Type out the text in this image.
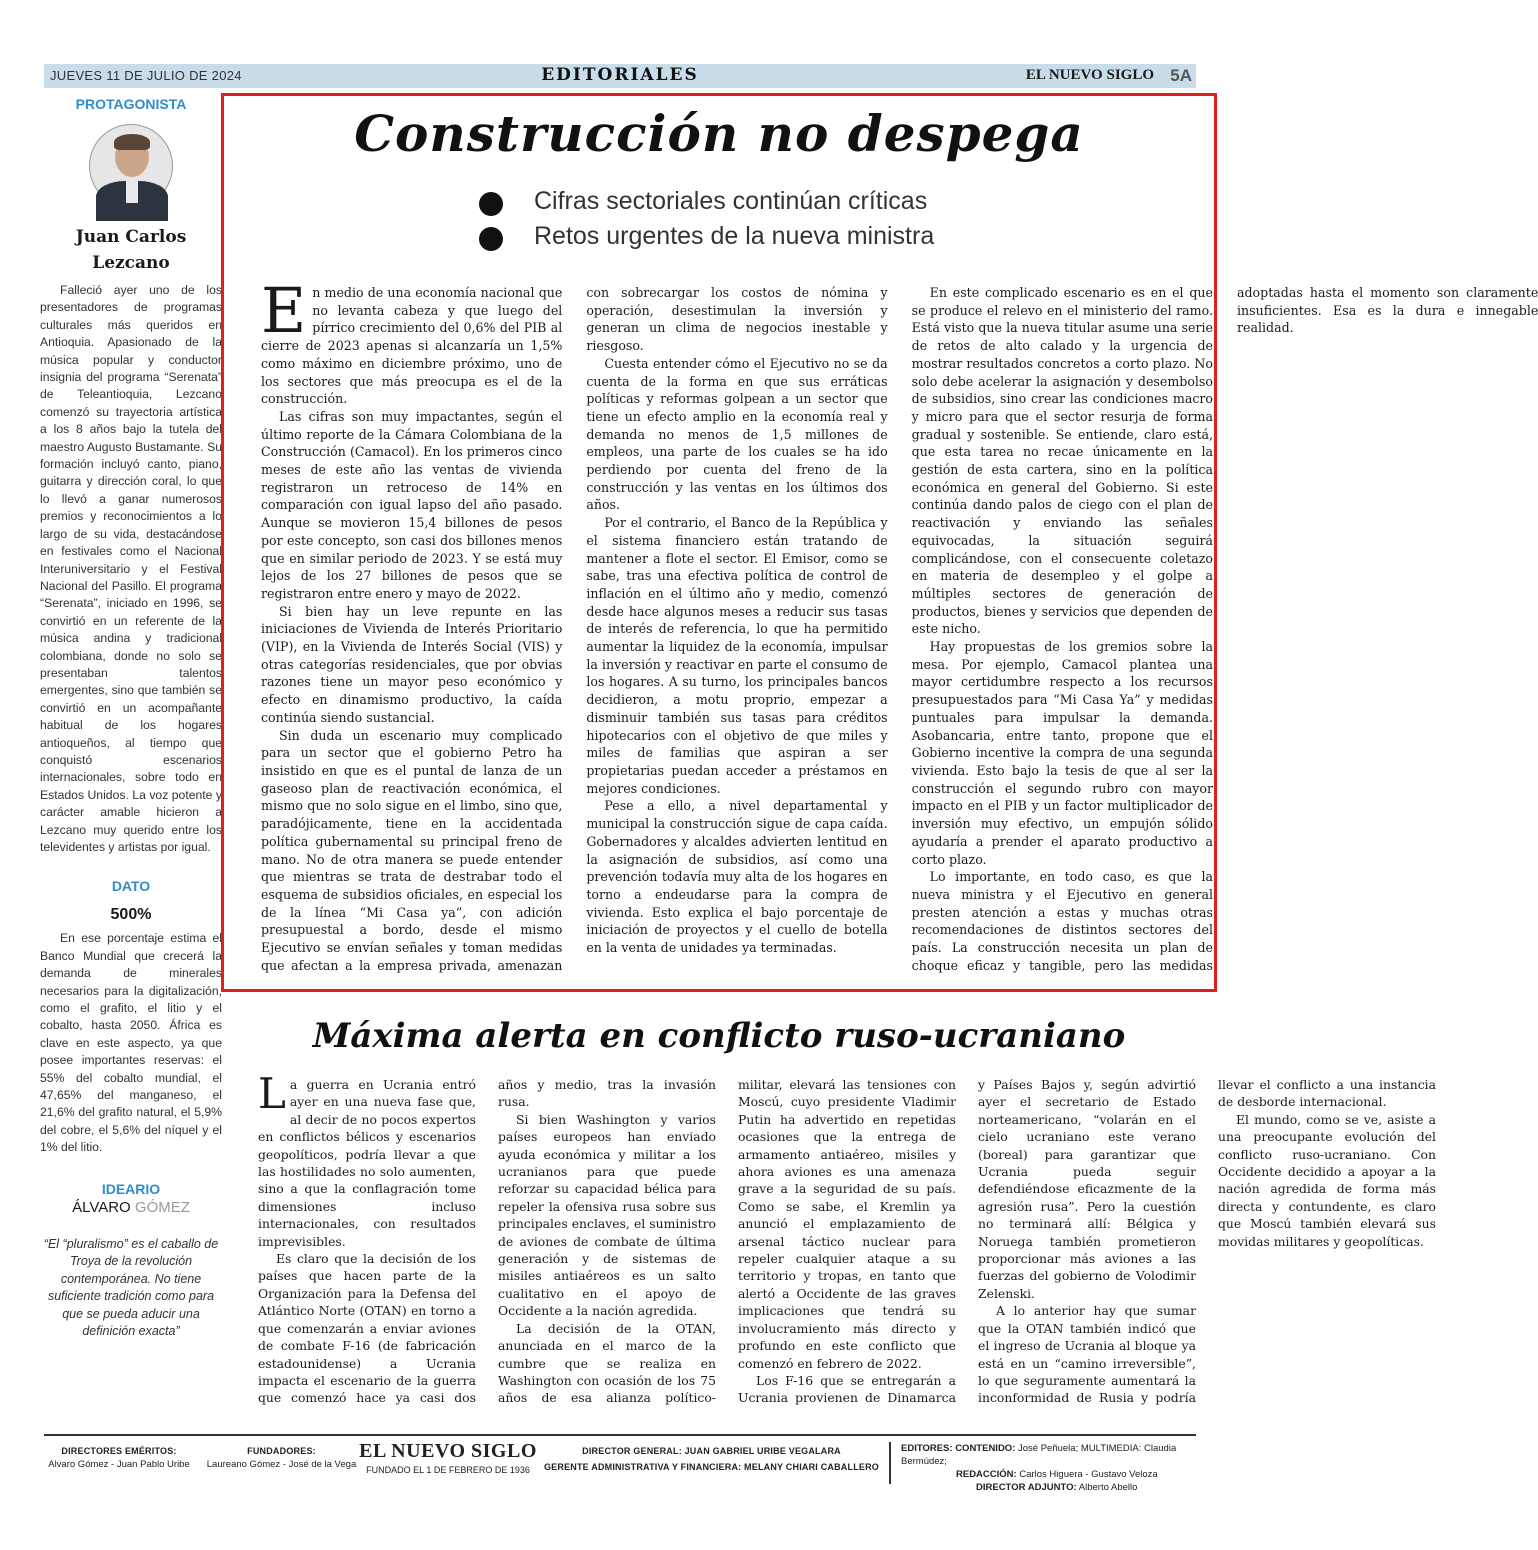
JUEVES 11 DE JULIO DE 2024	EDITORIALES	EL NUEVO SIGLO 5A
PROTAGONISTA
Juan Carlos
Lezcano

Falleció ayer uno de los presentadores de programas culturales más queridos en Antioquia. Apasionado de la música popular y conductor insignia del programa “Serenata” de Teleantioquia, Lezcano comenzó su trayectoria artística a los 8 años bajo la tutela del maestro Augusto Bustamante. Su formación incluyó canto, piano, guitarra y dirección coral, lo que lo llevó a ganar numerosos premios y reconocimientos a lo largo de su vida, destacándose en festivales como el Nacional Interuniversitario y el Festival Nacional del Pasillo. El programa “Serenata”, iniciado en 1996, se convirtió en un referente de la música andina y tradicional colombiana, donde no solo se presentaban talentos emergentes, sino que también se convirtió en un acompañante habitual de los hogares antioqueños, al tiempo que conquistó escenarios internacionales, sobre todo en Estados Unidos. La voz potente y carácter amable hicieron a Lezcano muy querido entre los televidentes y artistas por igual.

DATO
500%

En ese porcentaje estima el Banco Mundial que crecerá la demanda de minerales necesarios para la digitalización, como el grafito, el litio y el cobalto, hasta 2050. África es clave en este aspecto, ya que posee importantes reservas: el 55% del cobalto mundial, el 47,65% del manganeso, el 21,6% del grafito natural, el 5,9% del cobre, el 5,6% del níquel y el 1% del litio.

IDEARIO
ÁLVARO GÓMEZ
“El “pluralismo” es el caballo de Troya de la revolución contemporánea. No tiene suficiente tradición como para que se pueda aducir una definición exacta”
Construcción no despega
Cifras sectoriales continúan críticas
Retos urgentes de la nueva ministra

En medio de una economía nacional que no levanta cabeza y que luego del pírrico crecimiento del 0,6% del PIB al cierre de 2023 apenas si alcanzaría un 1,5% como máximo en diciembre próximo, uno de los sectores que más preocupa es el de la construcción.

Las cifras son muy impactantes, según el último reporte de la Cámara Colombiana de la Construcción (Camacol). En los primeros cinco meses de este año las ventas de vivienda registraron un retroceso de 14% en comparación con igual lapso del año pasado. Aunque se movieron 15,4 billones de pesos por este concepto, son casi dos billones menos que en similar periodo de 2023. Y se está muy lejos de los 27 billones de pesos que se registraron entre enero y mayo de 2022.

Si bien hay un leve repunte en las iniciaciones de Vivienda de Interés Prioritario (VIP), en la Vivienda de Interés Social (VIS) y otras categorías residenciales, que por obvias razones tiene un mayor peso económico y efecto en dinamismo productivo, la caída continúa siendo sustancial.

Sin duda un escenario muy complicado para un sector que el gobierno Petro ha insistido en que es el puntal de lanza de un gaseoso plan de reactivación económica, el mismo que no solo sigue en el limbo, sino que, paradójicamente, tiene en la accidentada política gubernamental su principal freno de mano. No de otra manera se puede entender que mientras se trata de destrabar todo el esquema de subsidios oficiales, en especial los de la línea “Mi Casa ya”, con adición presupuestal a bordo, desde el mismo Ejecutivo se envían señales y toman medidas que afectan a la empresa privada, amenazan con sobrecargar los costos de nómina y operación, desestimulan la inversión y generan un clima de negocios inestable y riesgoso.

Cuesta entender cómo el Ejecutivo no se da cuenta de la forma en que sus erráticas políticas y reformas golpean a un sector que tiene un efecto amplio en la economía real y demanda no menos de 1,5 millones de empleos, una parte de los cuales se ha ido perdiendo por cuenta del freno de la construcción y las ventas en los últimos dos años.

Por el contrario, el Banco de la República y el sistema financiero están tratando de mantener a flote el sector. El Emisor, como se sabe, tras una efectiva política de control de inflación en el último año y medio, comenzó desde hace algunos meses a reducir sus tasas de interés de referencia, lo que ha permitido aumentar la liquidez de la economía, impulsar la inversión y reactivar en parte el consumo de los hogares. A su turno, los principales bancos decidieron, a motu proprio, empezar a disminuir también sus tasas para créditos hipotecarios con el objetivo de que miles y miles de familias que aspiran a ser propietarias puedan acceder a préstamos en mejores condiciones.

Pese a ello, a nivel departamental y municipal la construcción sigue de capa caída. Gobernadores y alcaldes advierten lentitud en la asignación de subsidios, así como una prevención todavía muy alta de los hogares en torno a endeudarse para la compra de vivienda. Esto explica el bajo porcentaje de iniciación de proyectos y el cuello de botella en la venta de unidades ya terminadas.

En este complicado escenario es en el que se produce el relevo en el ministerio del ramo. Está visto que la nueva titular asume una serie de retos de alto calado y la urgencia de mostrar resultados concretos a corto plazo. No solo debe acelerar la asignación y desembolso de subsidios, sino crear las condiciones macro y micro para que el sector resurja de forma gradual y sostenible. Se entiende, claro está, que esta tarea no recae únicamente en la gestión de esta cartera, sino en la política económica en general del Gobierno. Si este continúa dando palos de ciego con el plan de reactivación y enviando las señales equivocadas, la situación seguirá complicándose, con el consecuente coletazo en materia de desempleo y el golpe a múltiples sectores de generación de productos, bienes y servicios que dependen de este nicho.

Hay propuestas de los gremios sobre la mesa. Por ejemplo, Camacol plantea una mayor certidumbre respecto a los recursos presupuestados para “Mi Casa Ya” y medidas puntuales para impulsar la demanda. Asobancaria, entre tanto, propone que el Gobierno incentive la compra de una segunda vivienda. Esto bajo la tesis de que al ser la construcción el segundo rubro con mayor impacto en el PIB y un factor multiplicador de inversión muy efectivo, un empujón sólido ayudaría a prender el aparato productivo a corto plazo.

Lo importante, en todo caso, es que la nueva ministra y el Ejecutivo en general presten atención a estas y muchas otras recomendaciones de distintos sectores del país. La construcción necesita un plan de choque eficaz y tangible, pero las medidas adoptadas hasta el momento son claramente insuficientes. Esa es la dura e innegable realidad.

Máxima alerta en conflicto ruso-ucraniano

La guerra en Ucrania entró ayer en una nueva fase que, al decir de no pocos expertos en conflictos bélicos y escenarios geopolíticos, podría llevar a que las hostilidades no solo aumenten, sino a que la conflagración tome dimensiones incluso internacionales, con resultados imprevisibles.

Es claro que la decisión de los países que hacen parte de la Organización para la Defensa del Atlántico Norte (OTAN) en torno a que comenzarán a enviar aviones de combate F-16 (de fabricación estadounidense) a Ucrania impacta el escenario de la guerra que comenzó hace ya casi dos años y medio, tras la invasión rusa.

Si bien Washington y varios países europeos han enviado ayuda económica y militar a los ucranianos para que puede reforzar su capacidad bélica para repeler la ofensiva rusa sobre sus principales enclaves, el suministro de aviones de combate de última generación y de sistemas de misiles antiaéreos es un salto cualitativo en el apoyo de Occidente a la nación agredida.

La decisión de la OTAN, anunciada en el marco de la cumbre que se realiza en Washington con ocasión de los 75 años de esa alianza político-militar, elevará las tensiones con Moscú, cuyo presidente Vladimir Putin ha advertido en repetidas ocasiones que la entrega de armamento antiaéreo, misiles y ahora aviones es una amenaza grave a la seguridad de su país. Como se sabe, el Kremlin ya anunció el emplazamiento de arsenal táctico nuclear para repeler cualquier ataque a su territorio y tropas, en tanto que alertó a Occidente de las graves implicaciones que tendrá su involucramiento más directo y profundo en este conflicto que comenzó en febrero de 2022.

Los F-16 que se entregarán a Ucrania provienen de Dinamarca y Países Bajos y, según advirtió ayer el secretario de Estado norteamericano, “volarán en el cielo ucraniano este verano (boreal) para garantizar que Ucrania pueda seguir defendiéndose eficazmente de la agresión rusa”. Pero la cuestión no terminará allí: Bélgica y Noruega también prometieron proporcionar más aviones a las fuerzas del gobierno de Volodimir Zelenski.

A lo anterior hay que sumar que la OTAN también indicó que el ingreso de Ucrania al bloque ya está en un “camino irreversible”, lo que seguramente aumentará la inconformidad de Rusia y podría llevar el conflicto a una instancia de desborde internacional.

El mundo, como se ve, asiste a una preocupante evolución del conflicto ruso-ucraniano. Con Occidente decidido a apoyar a la nación agredida de forma más directa y contundente, es claro que Moscú también elevará sus movidas militares y geopolíticas.

DIRECTORES EMÉRITOS:
Alvaro Gómez - Juan Pablo Uribe
FUNDADORES:
Laureano Gómez - José de la Vega
EL NUEVO SIGLO
FUNDADO EL 1 DE FEBRERO DE 1936
DIRECTOR GENERAL: JUAN GABRIEL URIBE VEGALARA
GERENTE ADMINISTRATIVA Y FINANCIERA: MELANY CHIARI CABALLERO
EDITORES: CONTENIDO: José Peñuela; MULTIMEDIA: Claudia Bermúdez;
REDACCIÓN: Carlos Higuera - Gustavo Veloza
DIRECTOR ADJUNTO: Alberto Abello
